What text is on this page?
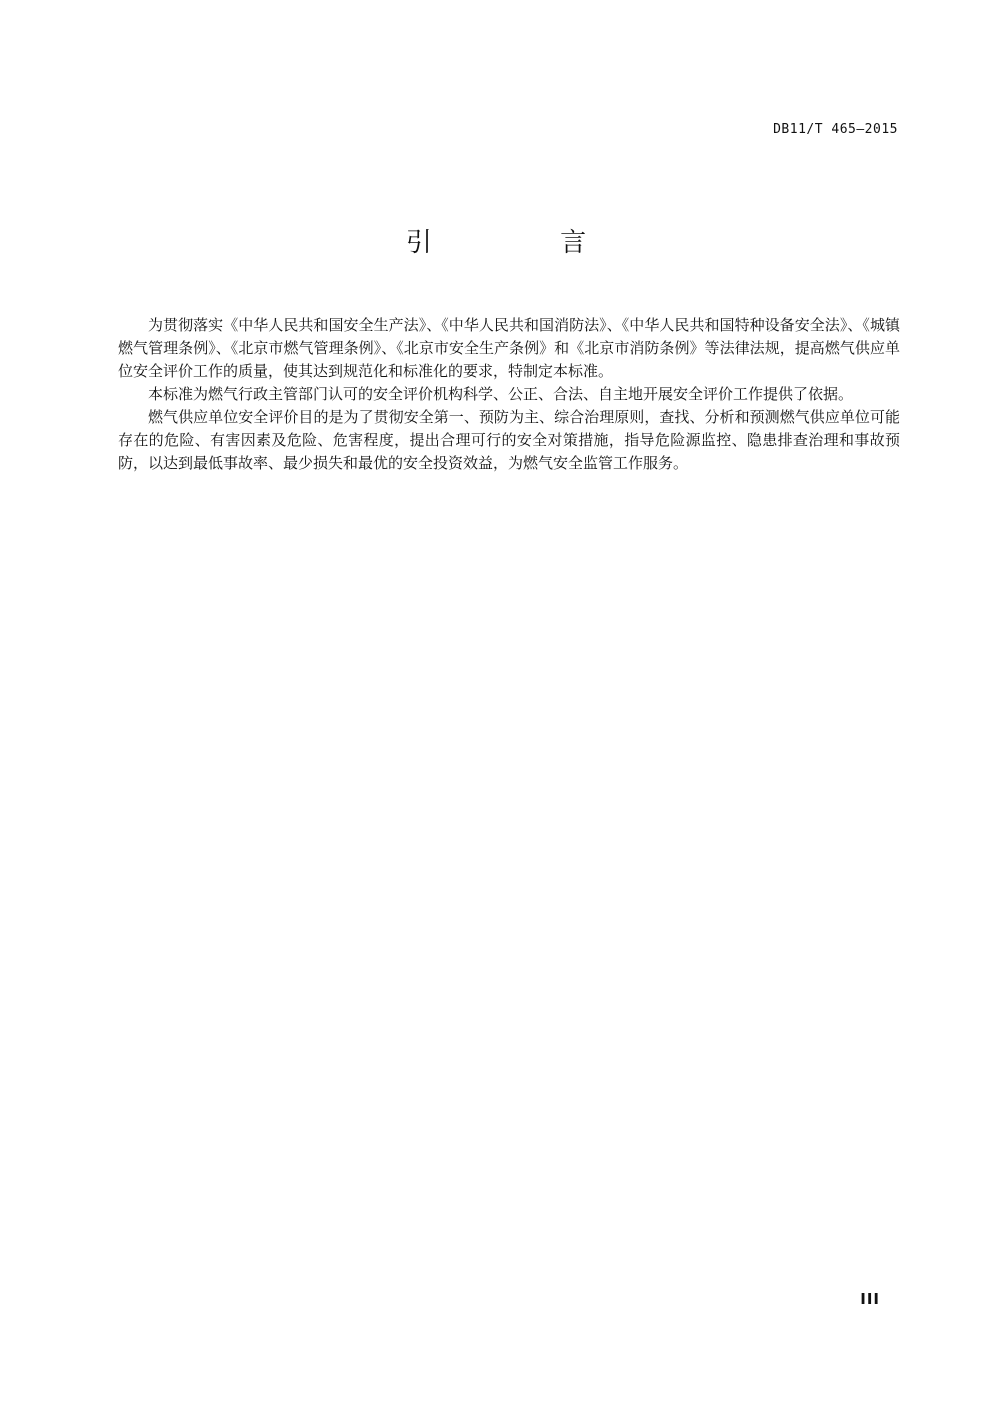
DB11/T 465—2015
引 言

为贯彻落实《中华人民共和国安全生产法》、《中华人民共和国消防法》、《中华人民共和国特种设备安全法》、《城镇燃气管理条例》、《北京市燃气管理条例》、《北京市安全生产条例》和《北京市消防条例》等法律法规，提高燃气供应单位安全评价工作的质量，使其达到规范化和标准化的要求，特制定本标准。

本标准为燃气行政主管部门认可的安全评价机构科学、公正、合法、自主地开展安全评价工作提供了依据。

燃气供应单位安全评价目的是为了贯彻安全第一、预防为主、综合治理原则，查找、分析和预测燃气供应单位可能存在的危险、有害因素及危险、危害程度，提出合理可行的安全对策措施，指导危险源监控、隐患排查治理和事故预防，以达到最低事故率、最少损失和最优的安全投资效益，为燃气安全监管工作服务。

III
